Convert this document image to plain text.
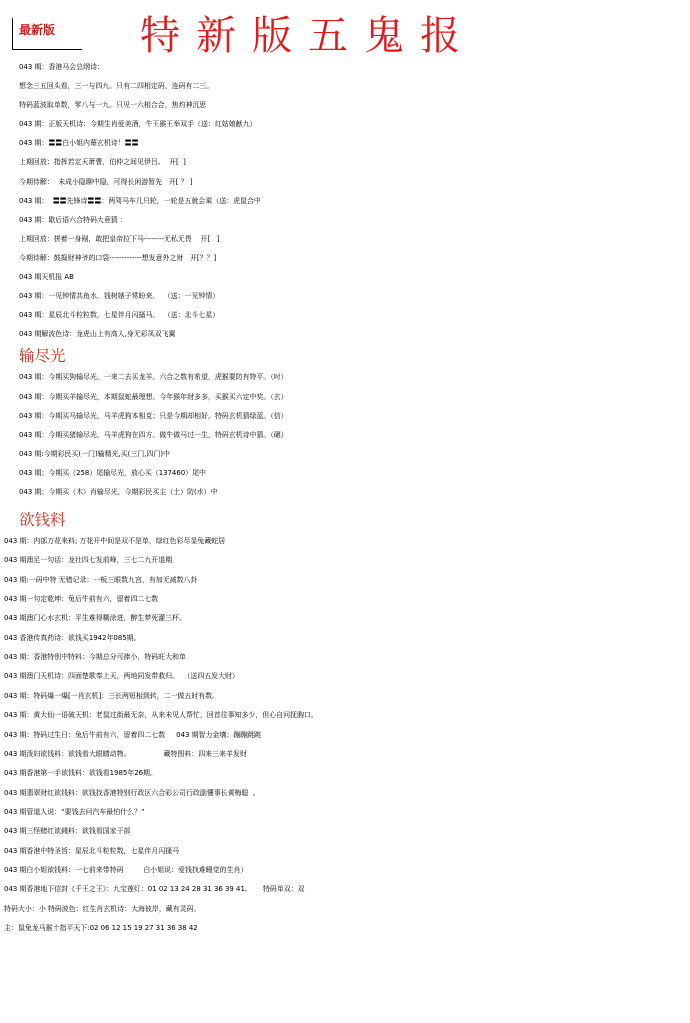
最新版	特新版五鬼报
043 期：香港马会总纲诗：
想念三五回头看，三一与四九。只有二四相定码，连码有二三。
特码蓝波取单数，零八与一九。只见一六相合合，焦灼神沉思
043 期：正版天机诗：今期生肖爱美酒，牛王猴王举双手（送：红姑娘献九）
043 期：〓〓白小姐内幕玄机诗！〓〓
上期回放：指挥若定天萧曹，伯仲之间见伊吕。  开[  ]
今期待解：  未成小隐聊中隐，可得长闲游暂先   开[ ？ ]
043 期：  〓〓先锋诗〓〓：两驾马车几只轮，一轮是五就会乘（送：虎鼠合中
043 期：歇后语六合特码大竟猜 ：
上期回放：拼着一身剐，敢把皇帝拉下马--------无私无畏    开[   ]
今期待解：鼓捣财神爷的口袋-------------想发意外之财   开[？？]
043 期天机报 AB
043 期：一见钟情共鱼水，钱树婊子常盼来。  （送：一见钟情）
043 期：星辰北斗粒粒数，七星伴月闪搔马。  （送：北斗七星）
043 期解波色诗：龙虎山上有高人,身无彩凤双飞翼
输尽光
043 期：今期买狗输尽光，一来二去买龙羊。六合之数有希望，虎猴要防有特平。（吋）
043 期：今期买羊输尽光，本期鼠蛇最理想。今年猴年财多多，买猴买六定中奖。（玄）
043 期：今期买马输尽光，马羊虎狗本相克；只是今期却相好，特码玄机猜绿蓝。（信）
043 期：今期买猪输尽光，马羊虎狗在四方。做牛做马过一生，特码玄机诗中猜。（碾）
043 期:今期彩民买(一门)输精光,买(三门,四门)中
043 期；今期买（258）尾输尽光，放心买（137460）尾中
043 期；今期买（木）肖输尽光，今期彩民买主（土）防(水）中
欲钱料
043 期：内部万花来料; 万花开中间是双不是单，绿红色彩尽显兔藏蛇居
043 期澳足一句话：龙壮四七发前峰，三七二九开退期
043 期:一码中特 无错记录：一板三眼数九宫，有加无减数八卦
043 期一句定乾坤：兔后牛前有六，留着四二七数
043 期澳门心水玄机：平生难得糊涂进，醉生梦死灌三杯。
043 香港传真药诗：欲钱买1942年085期。
043 期：香港特别中特料：今期总分可捧小，特码旺大和单
043 期澳门天机诗：四面楚歌奉上天，两地同发带救归。  （送四五发大财）
043 期：特码爆一爆[一肖玄机]：三长两短相到转，二一做五时有数。
043 期：黄大仙一语破天机：老鼠过街最无奈，从来未见人帮忙，回首往事知多少，但心自问抚胸口。
043 期：特码过生日：兔后牛前有六，留着四二七数     043 期智力金壤：蹦蹦跳跳
043 期泼妇欲钱料：欲钱看大眼睛动物。               藏特图料：四来三来羊发财
043 期香港第一手欲钱料：欲钱看1985年26期。
043 期翡翠财红欲钱料：欲钱找香港特别行政区六合彩公司行政副懂事长黄梅聪  。
043 期管道人说：“要钱去问汽车最怕什么？”
043 期三怪赌红欲錢料：欲钱看国家干部
043 期香港中特圣旨：星辰北斗粒粒数，七星伴月闪搔马
043 期白小姐欲钱料：一七前来带特码         白小姐说：爱钱找难睡觉的生肖）
043 期香港地下信封《千王之王》：九宝莲灯：01 02 13 24 28 31 36 39 41。     特码单双：双
特码大小：小 特码波色：红生肖玄机诗：大海彼岸，藏有灵码。
主：鼠兔龙马猴十指平天下:02 06 12 15 19 27 31 36 38 42
